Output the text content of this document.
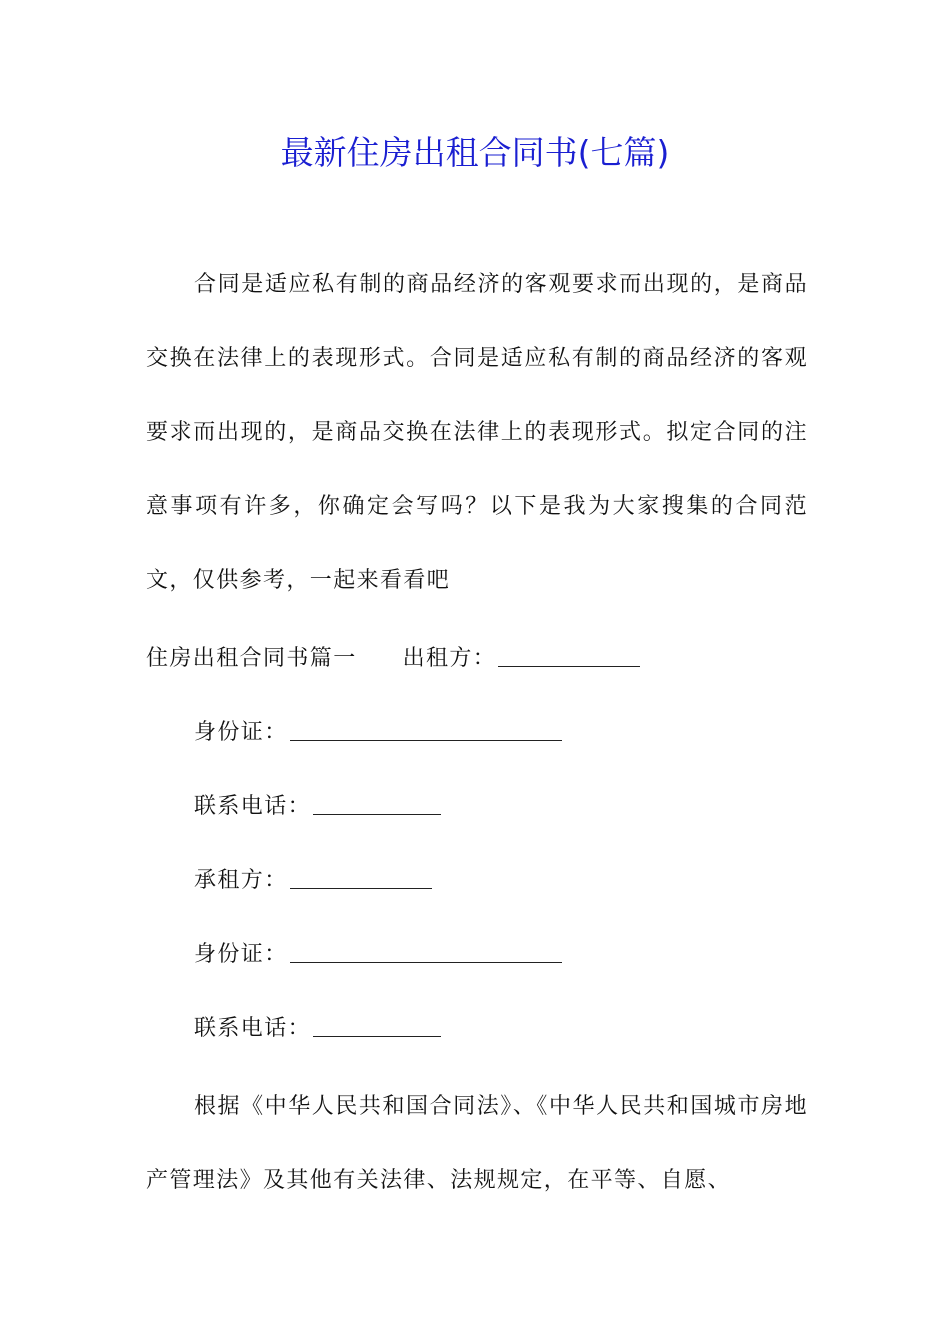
最新住房出租合同书(七篇)

合同是适应私有制的商品经济的客观要求而出现的，是商品交换在法律上的表现形式。合同是适应私有制的商品经济的客观要求而出现的，是商品交换在法律上的表现形式。拟定合同的注意事项有许多，你确定会写吗？以下是我为大家搜集的合同范文，仅供参考，一起来看看吧

住房出租合同书篇一 出租方：
身份证：
联系电话：
承租方：
身份证：
联系电话：

根据《中华人民共和国合同法》、《中华人民共和国城市房地产管理法》及其他有关法律、法规规定，在平等、自愿、
